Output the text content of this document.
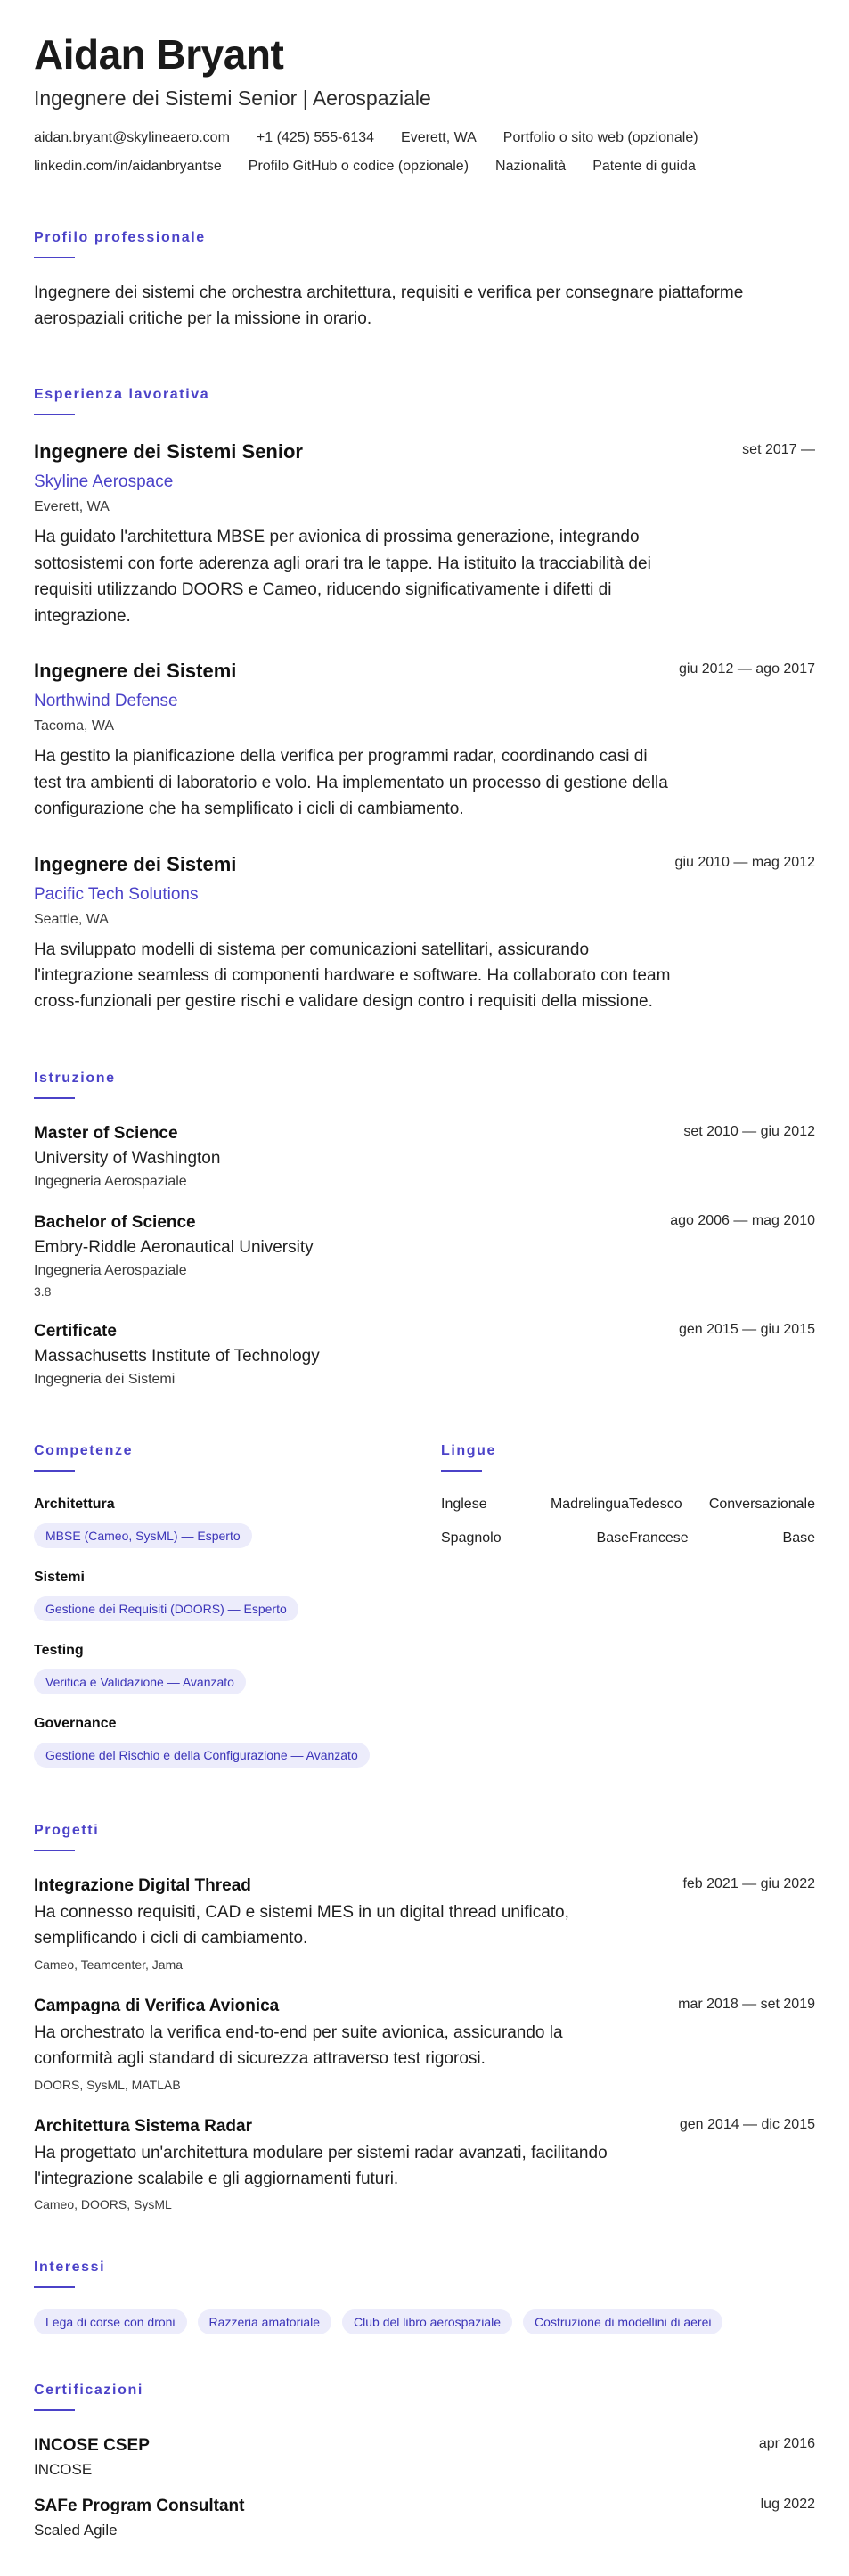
Aidan Bryant
Ingegnere dei Sistemi Senior | Aerospaziale
aidan.bryant@skylineaero.com +1 (425) 555-6134 Everett, WA Portfolio o sito web (opzionale)
linkedin.com/in/aidanbryantse Profilo GitHub o codice (opzionale) Nazionalità Patente di guida
Profilo professionale
Ingegnere dei sistemi che orchestra architettura, requisiti e verifica per consegnare piattaforme aerospaziali critiche per la missione in orario.
Esperienza lavorativa
Ingegnere dei Sistemi Senior	set 2017 —
Skyline Aerospace
Everett, WA
Ha guidato l'architettura MBSE per avionica di prossima generazione, integrando sottosistemi con forte aderenza agli orari tra le tappe. Ha istituito la tracciabilità dei requisiti utilizzando DOORS e Cameo, riducendo significativamente i difetti di integrazione.
Ingegnere dei Sistemi	giu 2012 — ago 2017
Northwind Defense
Tacoma, WA
Ha gestito la pianificazione della verifica per programmi radar, coordinando casi di test tra ambienti di laboratorio e volo. Ha implementato un processo di gestione della configurazione che ha semplificato i cicli di cambiamento.
Ingegnere dei Sistemi	giu 2010 — mag 2012
Pacific Tech Solutions
Seattle, WA
Ha sviluppato modelli di sistema per comunicazioni satellitari, assicurando l'integrazione seamless di componenti hardware e software. Ha collaborato con team cross-funzionali per gestire rischi e validare design contro i requisiti della missione.
Istruzione
Master of Science	set 2010 — giu 2012
University of Washington
Ingegneria Aerospaziale
Bachelor of Science	ago 2006 — mag 2010
Embry-Riddle Aeronautical University
Ingegneria Aerospaziale
3.8
Certificate	gen 2015 — giu 2015
Massachusetts Institute of Technology
Ingegneria dei Sistemi
Competenze
Architettura
MBSE (Cameo, SysML) — Esperto
Sistemi
Gestione dei Requisiti (DOORS) — Esperto
Testing
Verifica e Validazione — Avanzato
Governance
Gestione del Rischio e della Configurazione — Avanzato
Lingue
Inglese	Madrelingua Tedesco	Conversazionale
Spagnolo	Base Francese	Base
Progetti
Integrazione Digital Thread	feb 2021 — giu 2022
Ha connesso requisiti, CAD e sistemi MES in un digital thread unificato, semplificando i cicli di cambiamento.
Cameo, Teamcenter, Jama
Campagna di Verifica Avionica	mar 2018 — set 2019
Ha orchestrato la verifica end-to-end per suite avionica, assicurando la conformità agli standard di sicurezza attraverso test rigorosi.
DOORS, SysML, MATLAB
Architettura Sistema Radar	gen 2014 — dic 2015
Ha progettato un'architettura modulare per sistemi radar avanzati, facilitando l'integrazione scalabile e gli aggiornamenti futuri.
Cameo, DOORS, SysML
Interessi
Lega di corse con droni	Razzeria amatoriale	Club del libro aerospaziale	Costruzione di modellini di aerei
Certificazioni
INCOSE CSEP	apr 2016
INCOSE
SAFe Program Consultant	lug 2022
Scaled Agile
